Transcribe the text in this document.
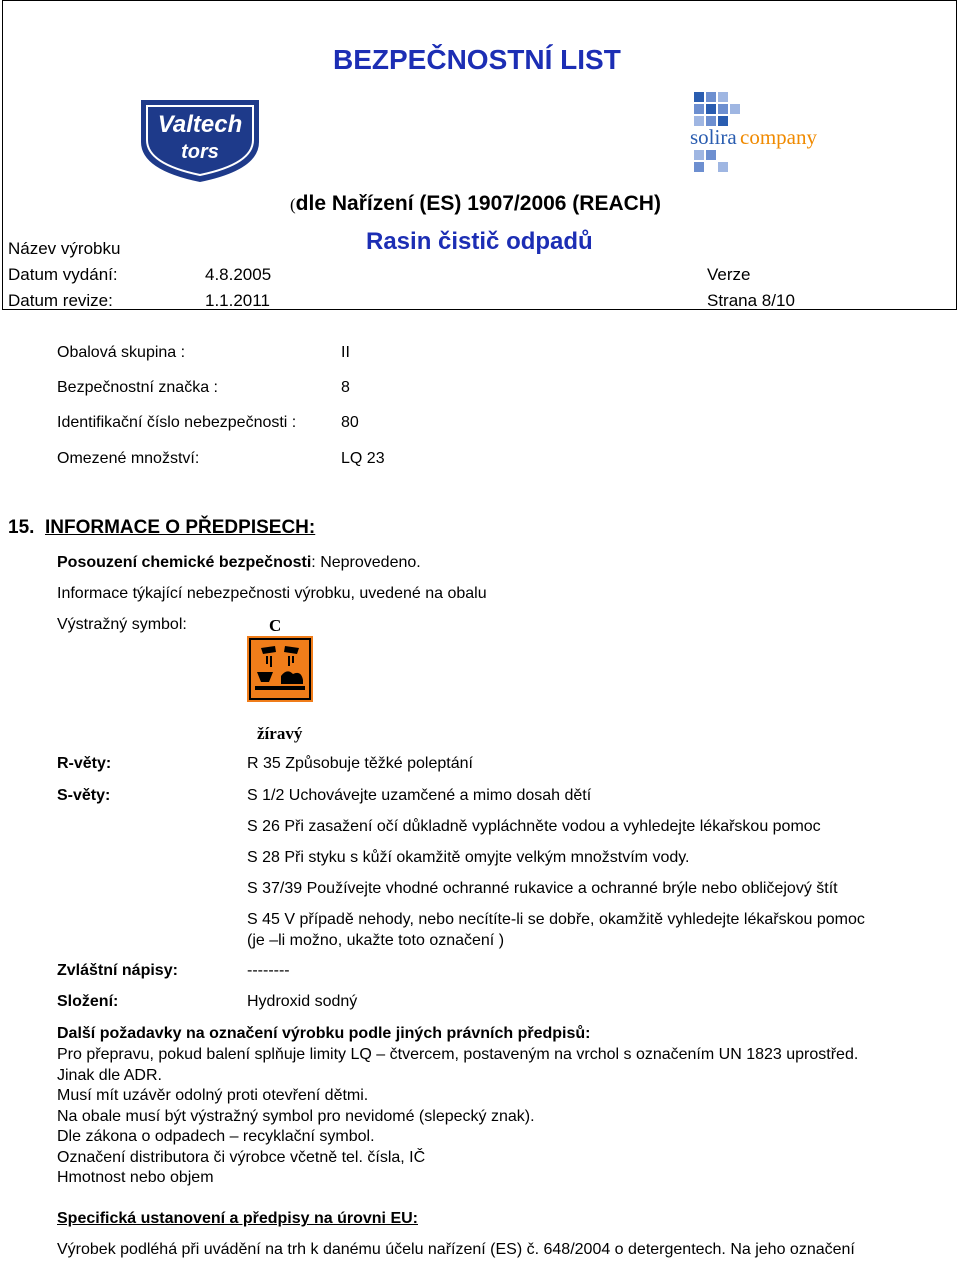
BEZPEČNOSTNÍ LIST
Valtech
tors
solira company
(dle Nařízení (ES) 1907/2006 (REACH)
Název výrobku	Rasin čistič odpadů
Datum vydání:	4.8.2005	Verze
Datum revize:	1.1.2011	Strana 8/10
Obalová skupina :	II
Bezpečnostní značka :	8
Identifikační číslo nebezpečnosti :	80
Omezené množství:	LQ 23
15. INFORMACE O PŘEDPISECH:
Posouzení chemické bezpečnosti: Neprovedeno.
Informace týkající nebezpečnosti výrobku, uvedené na obalu
Výstražný symbol:	C
žíravý
R-věty:	R 35 Způsobuje těžké poleptání
S-věty:	S 1/2 Uchovávejte uzamčené a mimo dosah dětí
S 26 Při zasažení očí důkladně vypláchněte vodou a vyhledejte lékařskou pomoc
S 28 Při styku s kůží okamžitě omyjte velkým množstvím vody.
S 37/39 Používejte vhodné ochranné rukavice a ochranné brýle nebo obličejový štít
S 45 V případě nehody, nebo necítíte-li se dobře, okamžitě vyhledejte lékařskou pomoc
(je –li možno, ukažte toto označení )
Zvláštní nápisy:	--------
Složení:	Hydroxid sodný
Další požadavky na označení výrobku podle jiných právních předpisů:
Pro přepravu, pokud balení splňuje limity LQ – čtvercem, postaveným na vrchol s označením UN 1823 uprostřed.
Jinak dle ADR.
Musí mít uzávěr odolný proti otevření dětmi.
Na obale musí být výstražný symbol pro nevidomé (slepecký znak).
Dle zákona o odpadech – recyklační symbol.
Označení distributora či výrobce včetně tel. čísla, IČ
Hmotnost nebo objem
Specifická ustanovení a předpisy na úrovni EU:
Výrobek podléhá při uvádění na trh k danému účelu nařízení (ES) č. 648/2004 o detergentech. Na jeho označení
